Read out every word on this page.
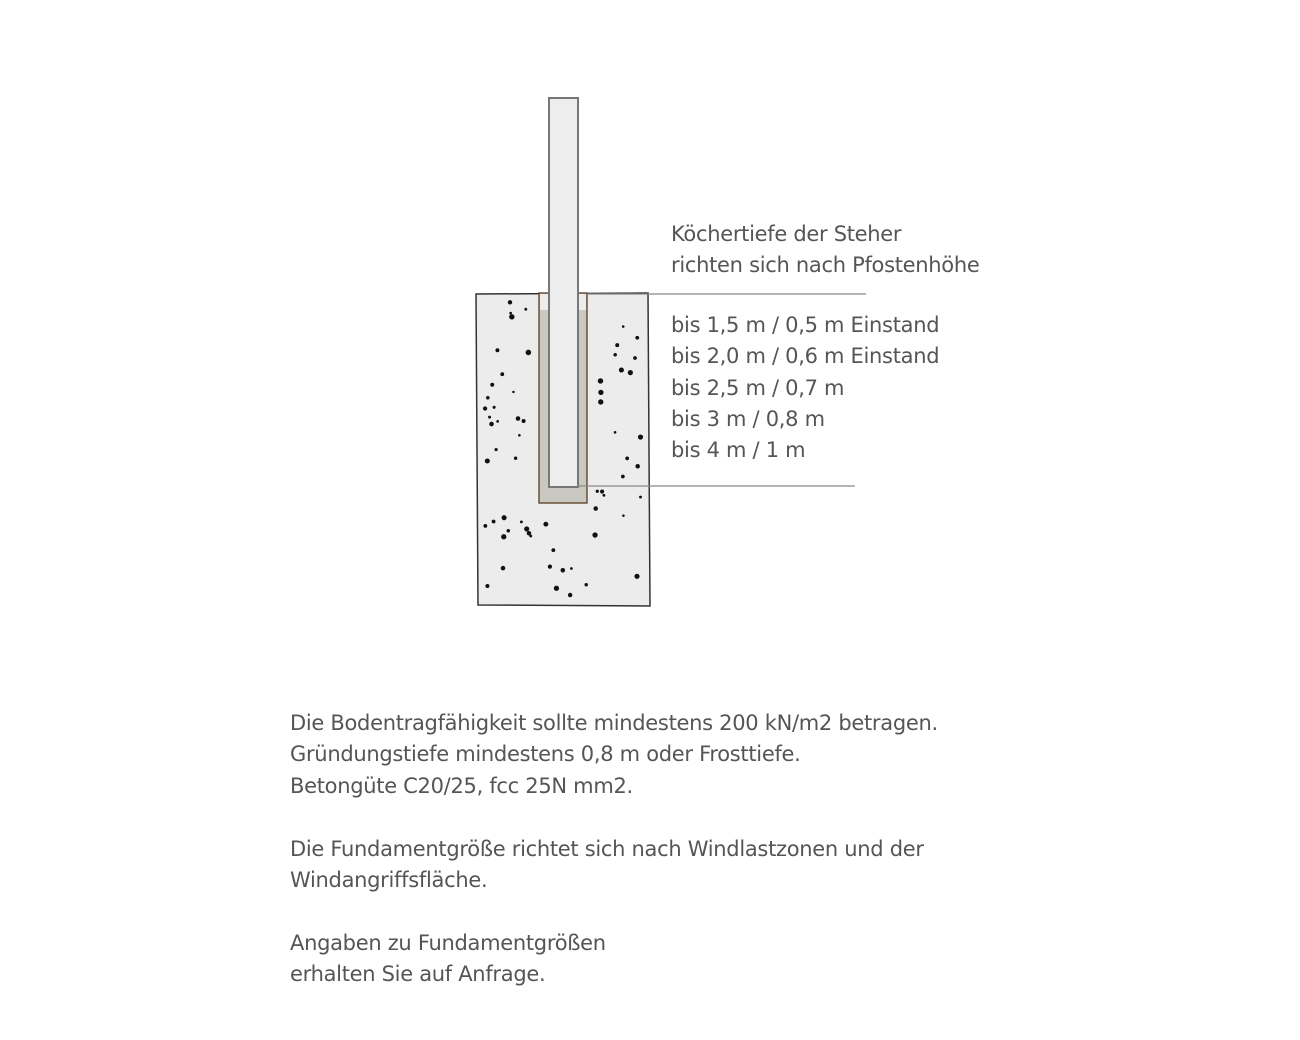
Köchertiefe der Steher
richten sich nach Pfostenhöhe
bis 1,5 m / 0,5 m Einstand
bis 2,0 m / 0,6 m Einstand
bis 2,5 m / 0,7 m
bis 3 m / 0,8 m
bis 4 m / 1 m
Die Bodentragfähigkeit sollte mindestens 200 kN/m2 betragen.
Gründungstiefe mindestens 0,8 m oder Frosttiefe.
Betongüte C20/25, fcc 25N mm2.
Die Fundamentgröße richtet sich nach Windlastzonen und der
Windangriffsfläche.
Angaben zu Fundamentgrößen
erhalten Sie auf Anfrage.
